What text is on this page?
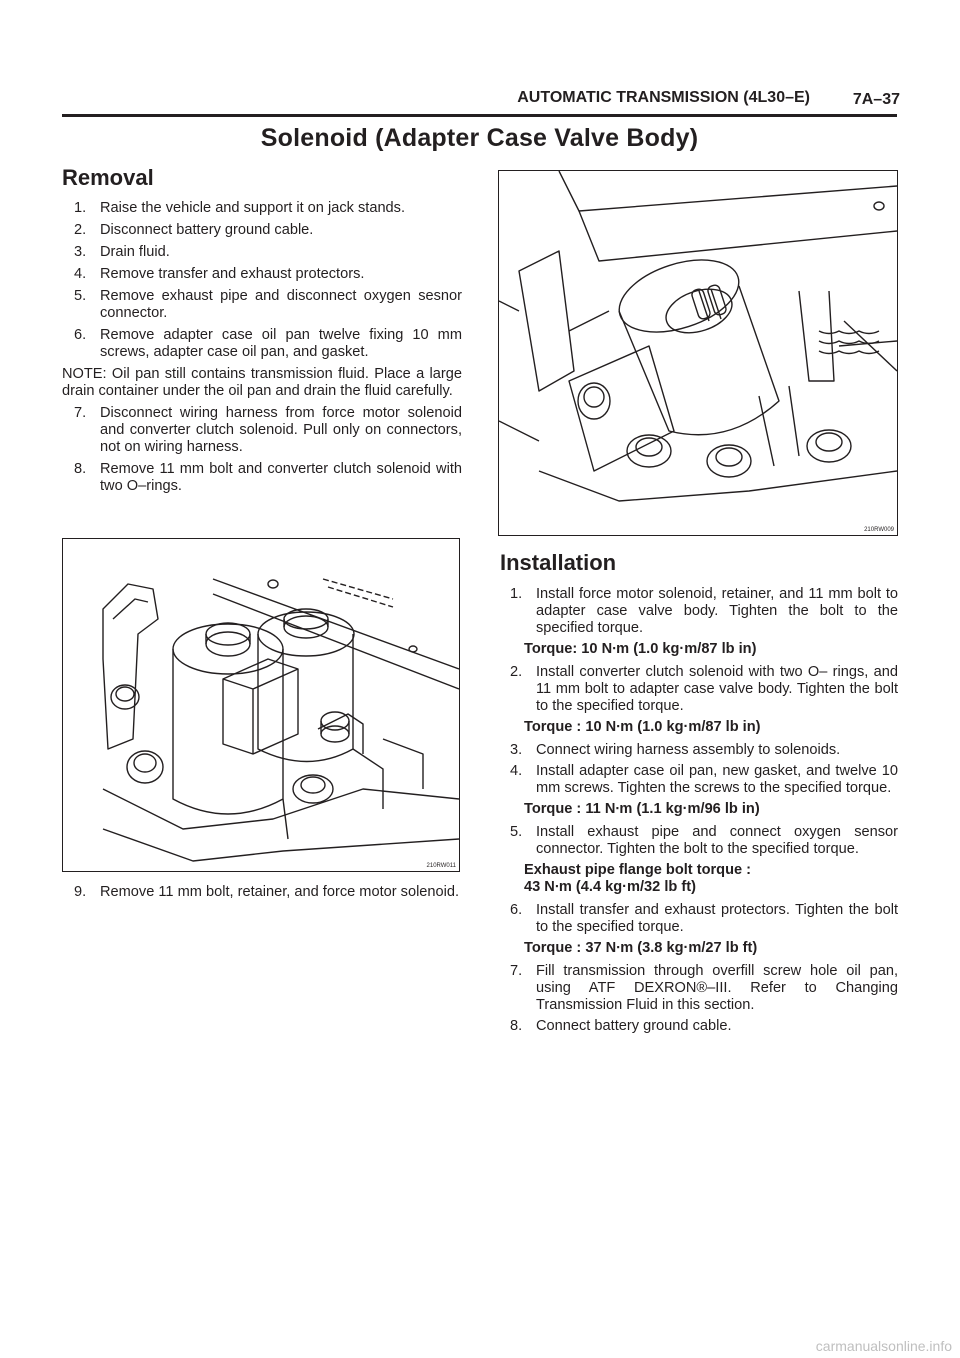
AUTOMATIC TRANSMISSION (4L30–E)	7A–37
Solenoid (Adapter Case Valve Body)
Removal
1. Raise the vehicle and support it on jack stands.
2. Disconnect battery ground cable.
3. Drain fluid.
4. Remove transfer and exhaust protectors.
5. Remove exhaust pipe and disconnect oxygen sesnor connector.
6. Remove adapter case oil pan twelve fixing 10 mm screws, adapter case oil pan, and gasket.

NOTE: Oil pan still contains transmission fluid. Place a large drain container under the oil pan and drain the fluid carefully.

7. Disconnect wiring harness from force motor solenoid and converter clutch solenoid. Pull only on connectors, not on wiring harness.
8. Remove 11 mm bolt and converter clutch solenoid with two O–rings.
210RW011
9. Remove 11 mm bolt, retainer, and force motor solenoid.
210RW009
Installation
1. Install force motor solenoid, retainer, and 11 mm bolt to adapter case valve body. Tighten the bolt to the specified torque.

Torque: 10 N∙m (1.0 kg·m/87 lb in)

2. Install converter clutch solenoid with two O– rings, and 11 mm bolt to adapter case valve body. Tighten the bolt to the specified torque.

Torque : 10 N∙m (1.0 kg·m/87 lb in)

3. Connect wiring harness assembly to solenoids.
4. Install adapter case oil pan, new gasket, and twelve 10 mm screws. Tighten the screws to the specified torque.

Torque : 11 N∙m (1.1 kg·m/96 lb in)

5. Install exhaust pipe and connect oxygen sensor connector. Tighten the bolt to the specified torque.

Exhaust pipe flange bolt torque :

43 N∙m (4.4 kg·m/32 lb ft)

6. Install transfer and exhaust protectors. Tighten the bolt to the specified torque.

Torque : 37 N∙m (3.8 kg·m/27 lb ft)

7. Fill transmission through overfill screw hole oil pan, using ATF DEXRON®–III. Refer to Changing Transmission Fluid in this section.
8. Connect battery ground cable.
carmanualsonline.info
